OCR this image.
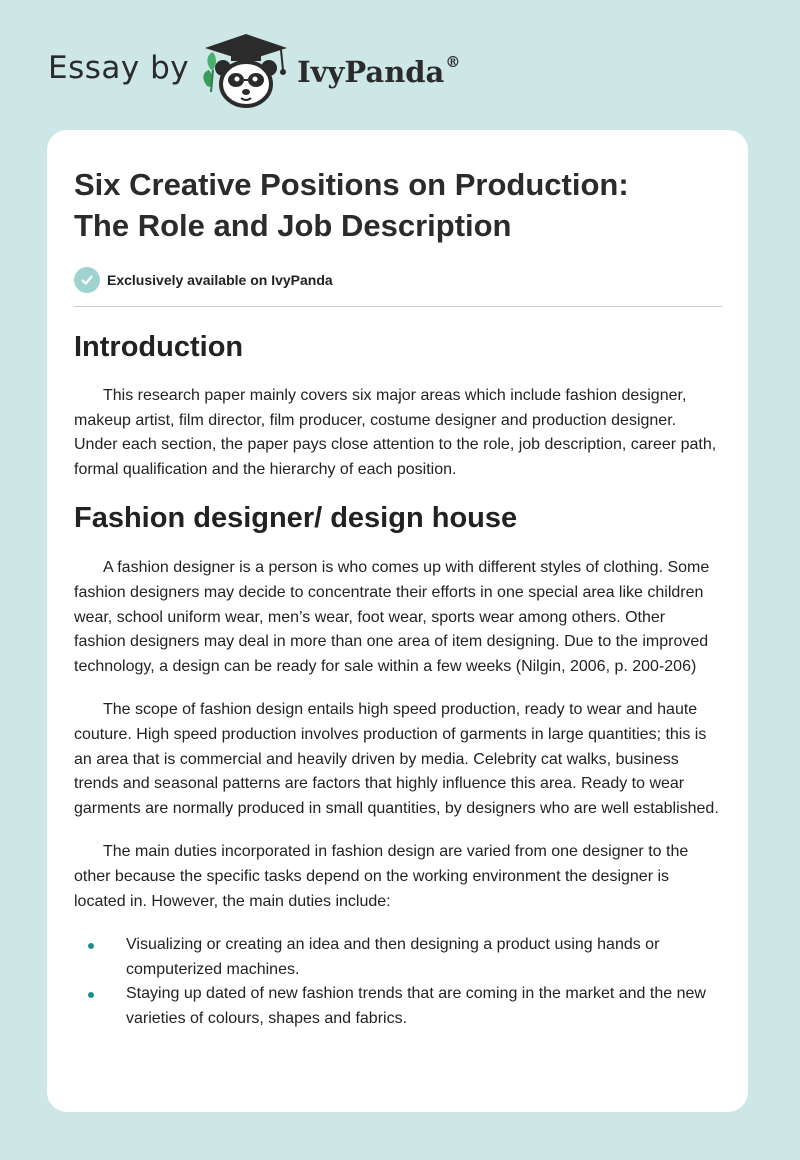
Essay by	IvyPanda®
Six Creative Positions on Production:
The Role and Job Description
Exclusively available on IvyPanda
Introduction

This research paper mainly covers six major areas which include fashion designer, makeup artist, film director, film producer, costume designer and production designer. Under each section, the paper pays close attention to the role, job description, career path, formal qualification and the hierarchy of each position.

Fashion designer/ design house

A fashion designer is a person is who comes up with different styles of clothing. Some fashion designers may decide to concentrate their efforts in one special area like children wear, school uniform wear, men’s wear, foot wear, sports wear among others. Other fashion designers may deal in more than one area of item designing. Due to the improved technology, a design can be ready for sale within a few weeks (Nilgin, 2006, p. 200-206)

The scope of fashion design entails high speed production, ready to wear and haute couture. High speed production involves production of garments in large quantities; this is an area that is commercial and heavily driven by media. Celebrity cat walks, business trends and seasonal patterns are factors that highly influence this area. Ready to wear garments are normally produced in small quantities, by designers who are well established.

The main duties incorporated in fashion design are varied from one designer to the other because the specific tasks depend on the working environment the designer is located in. However, the main duties include:

Visualizing or creating an idea and then designing a product using hands or computerized machines.
Staying up dated of new fashion trends that are coming in the market and the new varieties of colours, shapes and fabrics.
